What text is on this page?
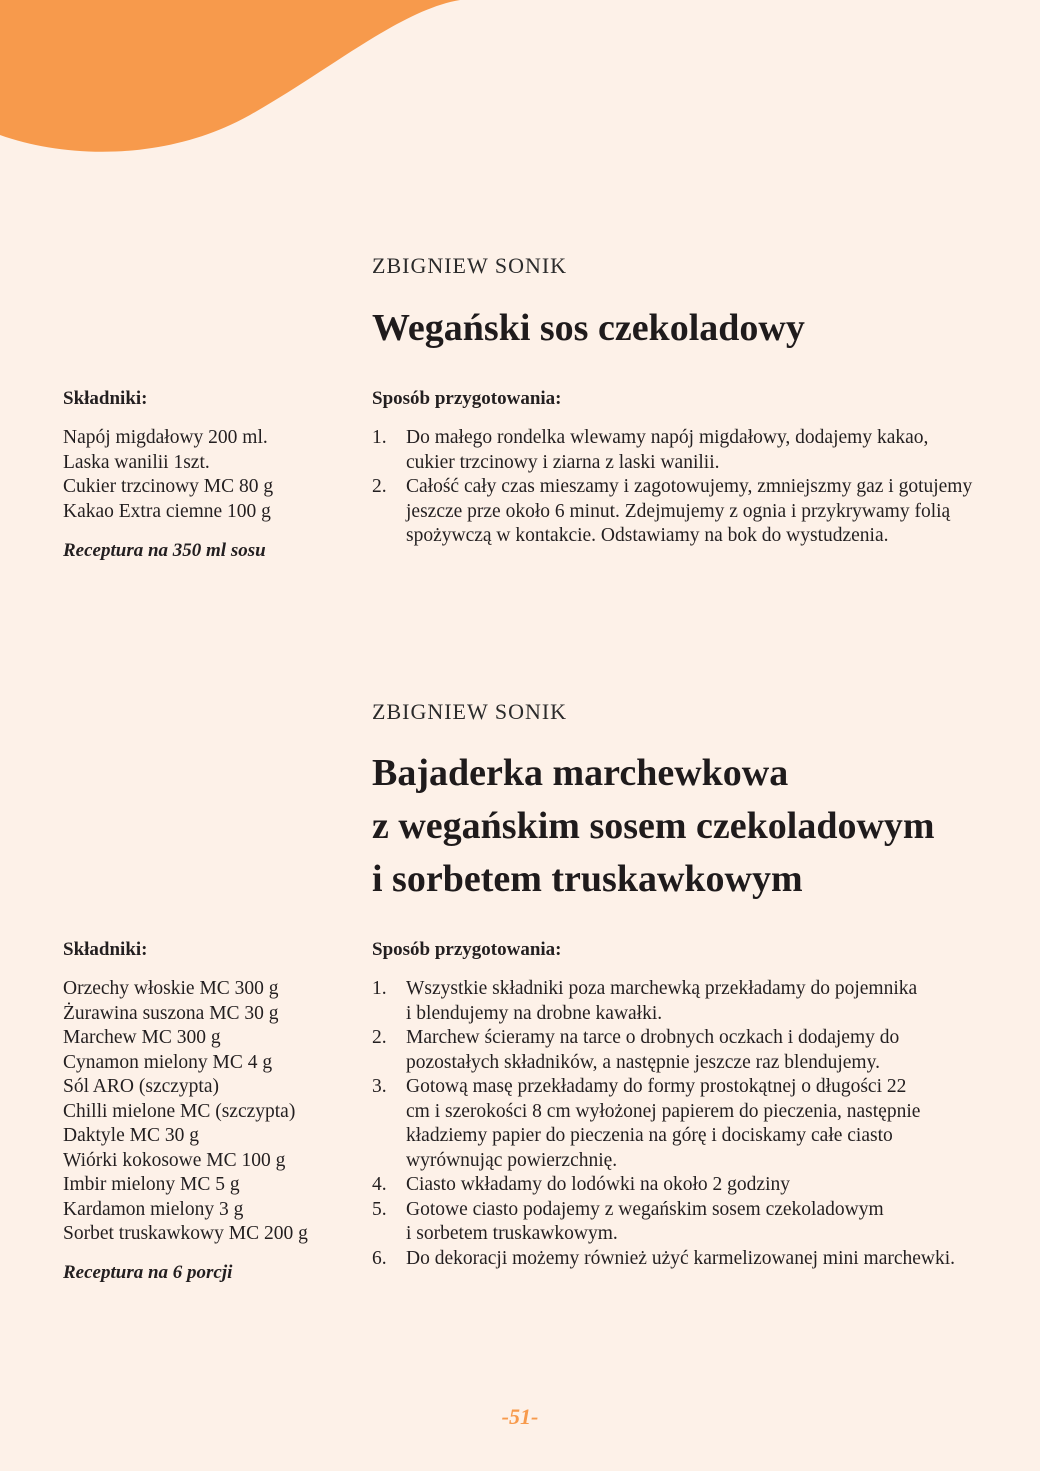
ZBIGNIEW SONIK

Wegański sos czekoladowy

Składniki:

Napój migdałowy 200 ml.
Laska wanilii 1szt.
Cukier trzcinowy MC 80 g
Kakao Extra ciemne 100 g

Receptura na 350 ml sosu

Sposób przygotowania:

1. Do małego rondelka wlewamy napój migdałowy, dodajemy kakao,
cukier trzcinowy i ziarna z laski wanilii.
2. Całość cały czas mieszamy i zagotowujemy, zmniejszmy gaz i gotujemy
jeszcze prze około 6 minut. Zdejmujemy z ognia i przykrywamy folią
spożywczą w kontakcie. Odstawiamy na bok do wystudzenia.

ZBIGNIEW SONIK

Bajaderka marchewkowa
z wegańskim sosem czekoladowym
i sorbetem truskawkowym

Składniki:

Orzechy włoskie MC 300 g
Żurawina suszona MC 30 g
Marchew MC 300 g
Cynamon mielony MC 4 g
Sól ARO (szczypta)
Chilli mielone MC (szczypta)
Daktyle MC 30 g
Wiórki kokosowe MC 100 g
Imbir mielony MC 5 g
Kardamon mielony 3 g
Sorbet truskawkowy MC 200 g

Receptura na 6 porcji

Sposób przygotowania:

1. Wszystkie składniki poza marchewką przekładamy do pojemnika
i blendujemy na drobne kawałki.
2. Marchew ścieramy na tarce o drobnych oczkach i dodajemy do
pozostałych składników, a następnie jeszcze raz blendujemy.
3. Gotową masę przekładamy do formy prostokątnej o długości 22
cm i szerokości 8 cm wyłożonej papierem do pieczenia, następnie
kładziemy papier do pieczenia na górę i dociskamy całe ciasto
wyrównując powierzchnię.
4. Ciasto wkładamy do lodówki na około 2 godziny
5. Gotowe ciasto podajemy z wegańskim sosem czekoladowym
i sorbetem truskawkowym.
6. Do dekoracji możemy również użyć karmelizowanej mini marchewki.

-51-
